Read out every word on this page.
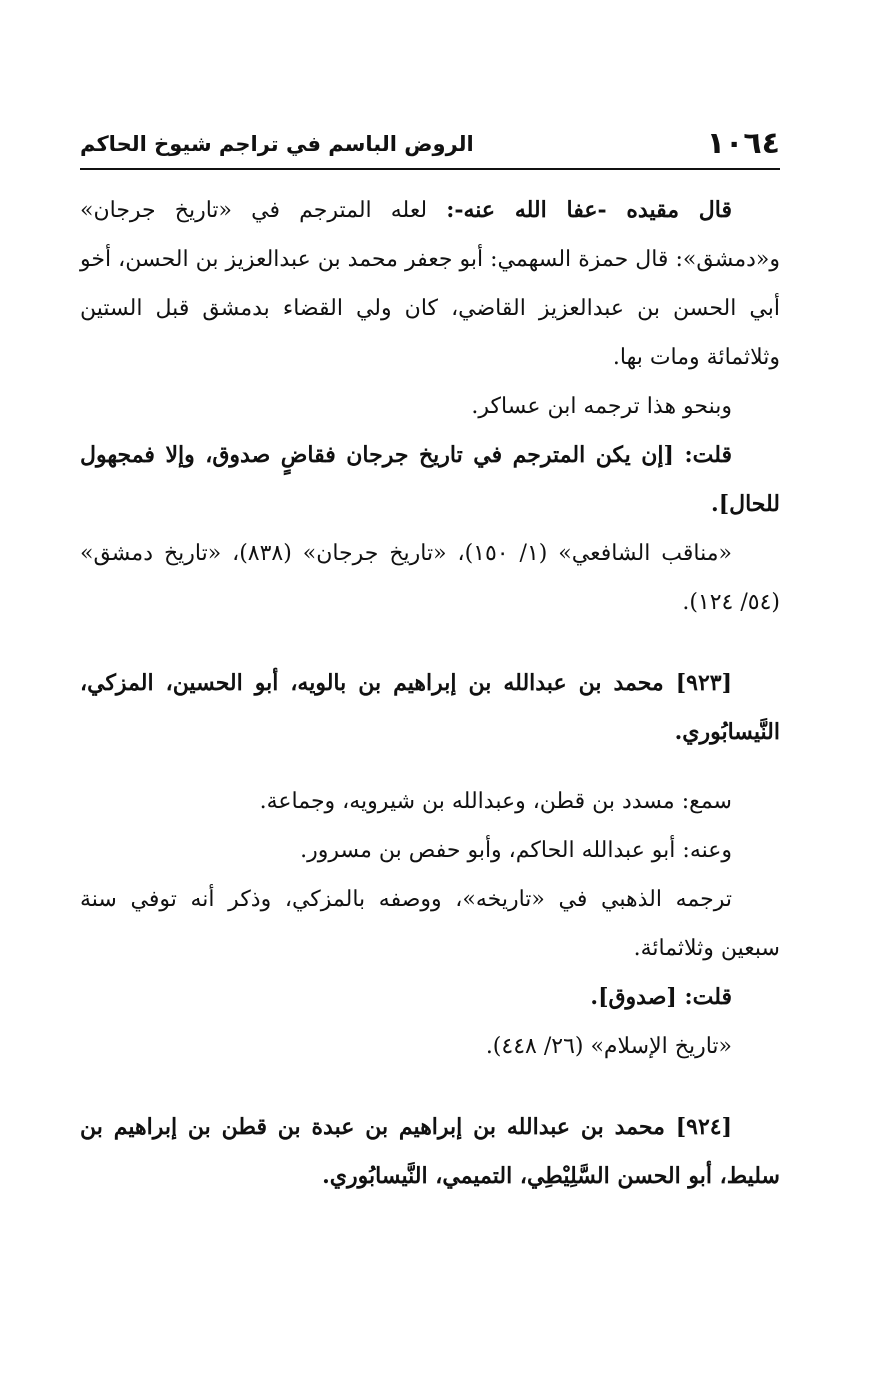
١٠٦٤
الروض الباسم في تراجم شيوخ الحاكم

قال مقيده -عفا الله عنه-: لعله المترجم في «تاريخ جرجان» و«دمشق»: قال حمزة السهمي: أبو جعفر محمد بن عبدالعزيز بن الحسن، أخو أبي الحسن بن عبدالعزيز القاضي، كان ولي القضاء بدمشق قبل الستين وثلاثمائة ومات بها.

وبنحو هذا ترجمه ابن عساكر.

قلت: [إن يكن المترجم في تاريخ جرجان فقاضٍ صدوق، وإلا فمجهول للحال].

«مناقب الشافعي» (١/ ١٥٠)، «تاريخ جرجان» (٨٣٨)، «تاريخ دمشق» (٥٤/ ١٢٤).

[٩٢٣] محمد بن عبدالله بن إبراهيم بن بالويه، أبو الحسين، المزكي، النَّيسابُوري.

سمع: مسدد بن قطن، وعبدالله بن شيرويه، وجماعة.

وعنه: أبو عبدالله الحاكم، وأبو حفص بن مسرور.

ترجمه الذهبي في «تاريخه»، ووصفه بالمزكي، وذكر أنه توفي سنة سبعين وثلاثمائة.

قلت: [صدوق].

«تاريخ الإسلام» (٢٦/ ٤٤٨).

[٩٢٤] محمد بن عبدالله بن إبراهيم بن عبدة بن قطن بن إبراهيم بن سليط، أبو الحسن السَّلِيْطِي، التميمي، النَّيسابُوري.
